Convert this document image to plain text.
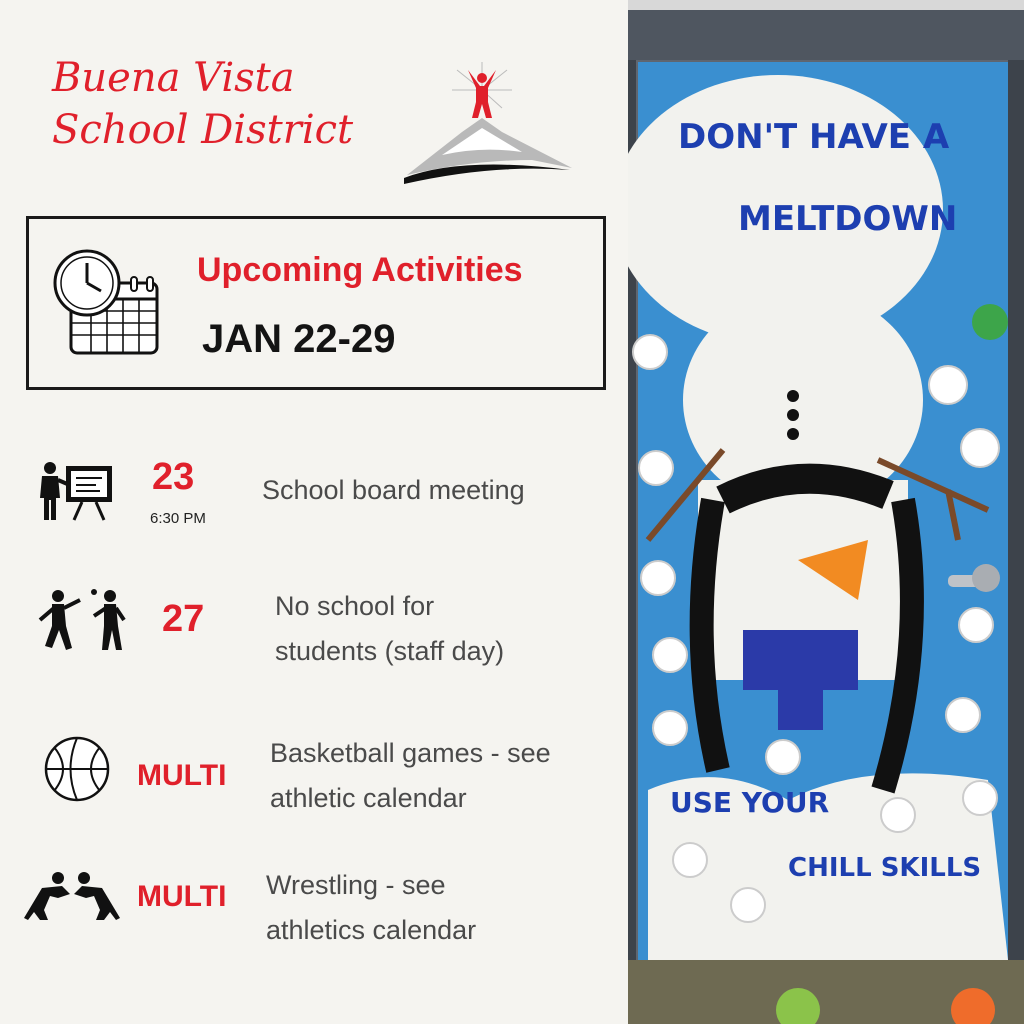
Buena Vista
School District
Upcoming Activities
JAN 22-29
23
6:30 PM
School board meeting
27	No school for
students (staff day)
MULTI
Basketball games - see
athletic calendar
MULTI Wrestling - see
athletics calendar
DON'T HAVE A
MELTDOWN
USE YOUR
CHILL SKILLS
